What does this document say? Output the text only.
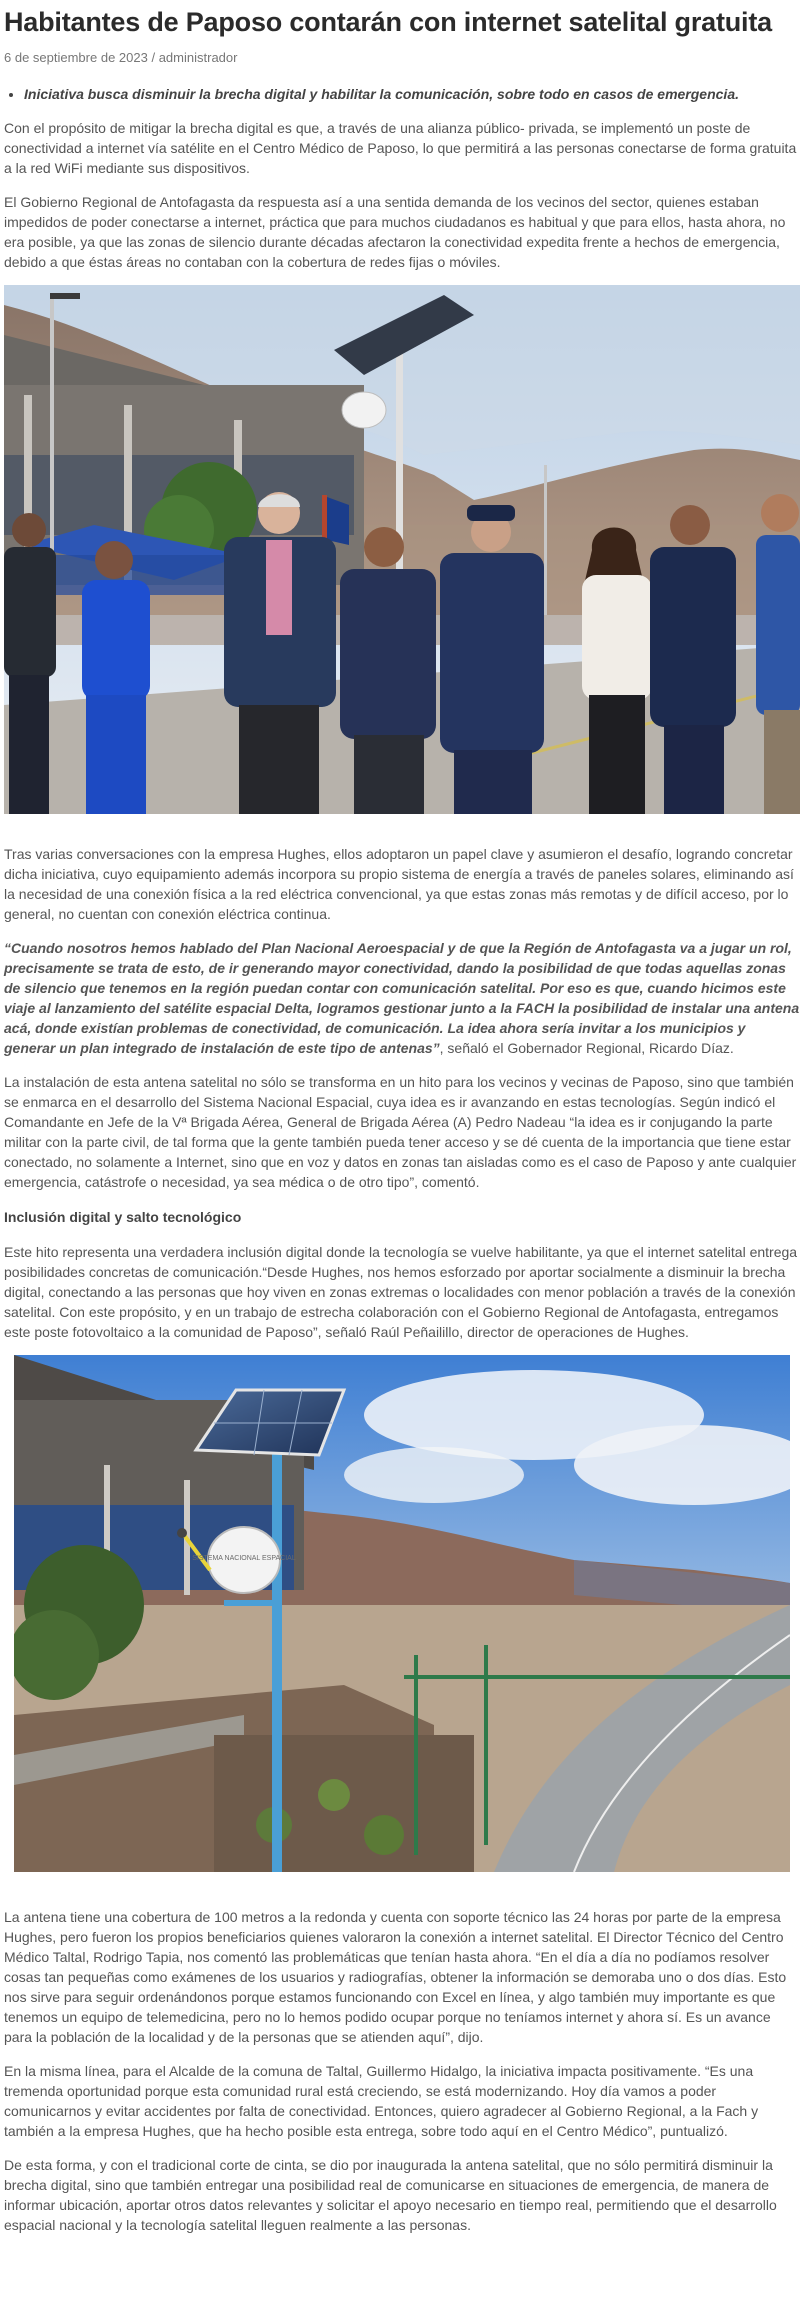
Habitantes de Paposo contarán con internet satelital gratuita
6 de septiembre de 2023 / administrador
• Iniciativa busca disminuir la brecha digital y habilitar la comunicación, sobre todo en casos de emergencia.

Con el propósito de mitigar la brecha digital es que, a través de una alianza público- privada, se implementó un poste de conectividad a internet vía satélite en el Centro Médico de Paposo, lo que permitirá a las personas conectarse de forma gratuita a la red WiFi mediante sus dispositivos.

El Gobierno Regional de Antofagasta da respuesta así a una sentida demanda de los vecinos del sector, quienes estaban impedidos de poder conectarse a internet, práctica que para muchos ciudadanos es habitual y que para ellos, hasta ahora, no era posible, ya que las zonas de silencio durante décadas afectaron la conectividad expedita frente a hechos de emergencia, debido a que éstas áreas no contaban con la cobertura de redes fijas o móviles.

Tras varias conversaciones con la empresa Hughes, ellos adoptaron un papel clave y asumieron el desafío, logrando concretar dicha iniciativa, cuyo equipamiento además incorpora su propio sistema de energía a través de paneles solares, eliminando así la necesidad de una conexión física a la red eléctrica convencional, ya que estas zonas más remotas y de difícil acceso, por lo general, no cuentan con conexión eléctrica continua.

“Cuando nosotros hemos hablado del Plan Nacional Aeroespacial y de que la Región de Antofagasta va a jugar un rol, precisamente se trata de esto, de ir generando mayor conectividad, dando la posibilidad de que todas aquellas zonas de silencio que tenemos en la región puedan contar con comunicación satelital. Por eso es que, cuando hicimos este viaje al lanzamiento del satélite espacial Delta, logramos gestionar junto a la FACH la posibilidad de instalar una antena acá, donde existían problemas de conectividad, de comunicación. La idea ahora sería invitar a los municipios y generar un plan integrado de instalación de este tipo de antenas”, señaló el Gobernador Regional, Ricardo Díaz.

La instalación de esta antena satelital no sólo se transforma en un hito para los vecinos y vecinas de Paposo, sino que también se enmarca en el desarrollo del Sistema Nacional Espacial, cuya idea es ir avanzando en estas tecnologías. Según indicó el Comandante en Jefe de la Vª Brigada Aérea, General de Brigada Aérea (A) Pedro Nadeau “la idea es ir conjugando la parte militar con la parte civil, de tal forma que la gente también pueda tener acceso y se dé cuenta de la importancia que tiene estar conectado, no solamente a Internet, sino que en voz y datos en zonas tan aisladas como es el caso de Paposo y ante cualquier emergencia, catástrofe o necesidad, ya sea médica o de otro tipo”, comentó.

Inclusión digital y salto tecnológico

Este hito representa una verdadera inclusión digital donde la tecnología se vuelve habilitante, ya que el internet satelital entrega posibilidades concretas de comunicación.“Desde Hughes, nos hemos esforzado por aportar socialmente a disminuir la brecha digital, conectando a las personas que hoy viven en zonas extremas o localidades con menor población a través de la conexión satelital. Con este propósito, y en un trabajo de estrecha colaboración con el Gobierno Regional de Antofagasta, entregamos este poste fotovoltaico a la comunidad de Paposo”, señaló Raúl Peñailillo, director de operaciones de Hughes.

SISTEMA NACIONAL ESPACIAL

La antena tiene una cobertura de 100 metros a la redonda y cuenta con soporte técnico las 24 horas por parte de la empresa Hughes, pero fueron los propios beneficiarios quienes valoraron la conexión a internet satelital. El Director Técnico del Centro Médico Taltal, Rodrigo Tapia, nos comentó las problemáticas que tenían hasta ahora. “En el día a día no podíamos resolver cosas tan pequeñas como exámenes de los usuarios y radiografías, obtener la información se demoraba uno o dos días. Esto nos sirve para seguir ordenándonos porque estamos funcionando con Excel en línea, y algo también muy importante es que tenemos un equipo de telemedicina, pero no lo hemos podido ocupar porque no teníamos internet y ahora sí. Es un avance para la población de la localidad y de la personas que se atienden aquí”, dijo.

En la misma línea, para el Alcalde de la comuna de Taltal, Guillermo Hidalgo, la iniciativa impacta positivamente. “Es una tremenda oportunidad porque esta comunidad rural está creciendo, se está modernizando. Hoy día vamos a poder comunicarnos y evitar accidentes por falta de conectividad. Entonces, quiero agradecer al Gobierno Regional, a la Fach y también a la empresa Hughes, que ha hecho posible esta entrega, sobre todo aquí en el Centro Médico”, puntualizó.

De esta forma, y con el tradicional corte de cinta, se dio por inaugurada la antena satelital, que no sólo permitirá disminuir la brecha digital, sino que también entregar una posibilidad real de comunicarse en situaciones de emergencia, de manera de informar ubicación, aportar otros datos relevantes y solicitar el apoyo necesario en tiempo real, permitiendo que el desarrollo espacial nacional y la tecnología satelital lleguen realmente a las personas.
